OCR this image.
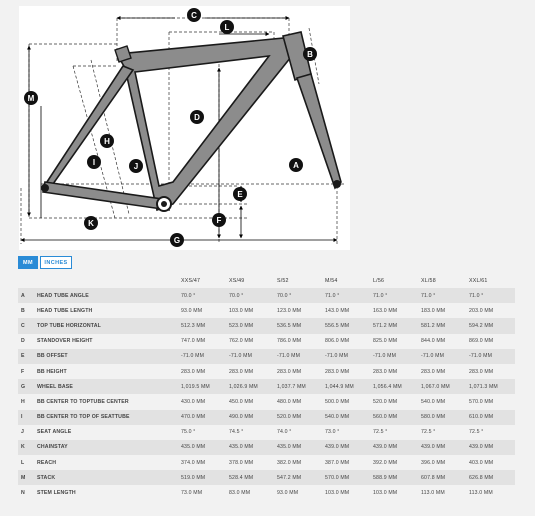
A
B
C
D
E
F
G
H
I	J
K
L
M
MM	INCHES
		XXS/47	XS/49	S/52	M/54	L/56	XL/58	XXL/61
A	HEAD TUBE ANGLE	70.0 °	70.0 °	70.0 °	71.0 °	71.0 °	71.0 °	71.0 °
B	HEAD TUBE LENGTH	93.0 MM	103.0 MM	123.0 MM	143.0 MM	163.0 MM	183.0 MM	203.0 MM
C	TOP TUBE HORIZONTAL	512.3 MM	523.0 MM	536.5 MM	556.5 MM	571.2 MM	581.2 MM	594.2 MM
D	STANDOVER HEIGHT	747.0 MM	762.0 MM	786.0 MM	806.0 MM	825.0 MM	844.0 MM	869.0 MM
E	BB OFFSET	-71.0 MM	-71.0 MM	-71.0 MM	-71.0 MM	-71.0 MM	-71.0 MM	-71.0 MM
F	BB HEIGHT	283.0 MM	283.0 MM	283.0 MM	283.0 MM	283.0 MM	283.0 MM	283.0 MM
G	WHEEL BASE	1,019.5 MM	1,026.9 MM	1,037.7 MM	1,044.9 MM	1,056.4 MM	1,067.0 MM	1,071.3 MM
H	BB CENTER TO TOPTUBE CENTER	430.0 MM	450.0 MM	480.0 MM	500.0 MM	520.0 MM	540.0 MM	570.0 MM
I	BB CENTER TO TOP OF SEATTUBE	470.0 MM	490.0 MM	520.0 MM	540.0 MM	560.0 MM	580.0 MM	610.0 MM
J	SEAT ANGLE	75.0 °	74.5 °	74.0 °	73.0 °	72.5 °	72.5 °	72.5 °
K	CHAINSTAY	435.0 MM	435.0 MM	435.0 MM	439.0 MM	439.0 MM	439.0 MM	439.0 MM
L	REACH	374.0 MM	378.0 MM	382.0 MM	387.0 MM	392.0 MM	396.0 MM	403.0 MM
M	STACK	519.0 MM	528.4 MM	547.2 MM	570.0 MM	588.9 MM	607.8 MM	626.8 MM
N	STEM LENGTH	73.0 MM	83.0 MM	93.0 MM	103.0 MM	103.0 MM	113.0 MM	113.0 MM
